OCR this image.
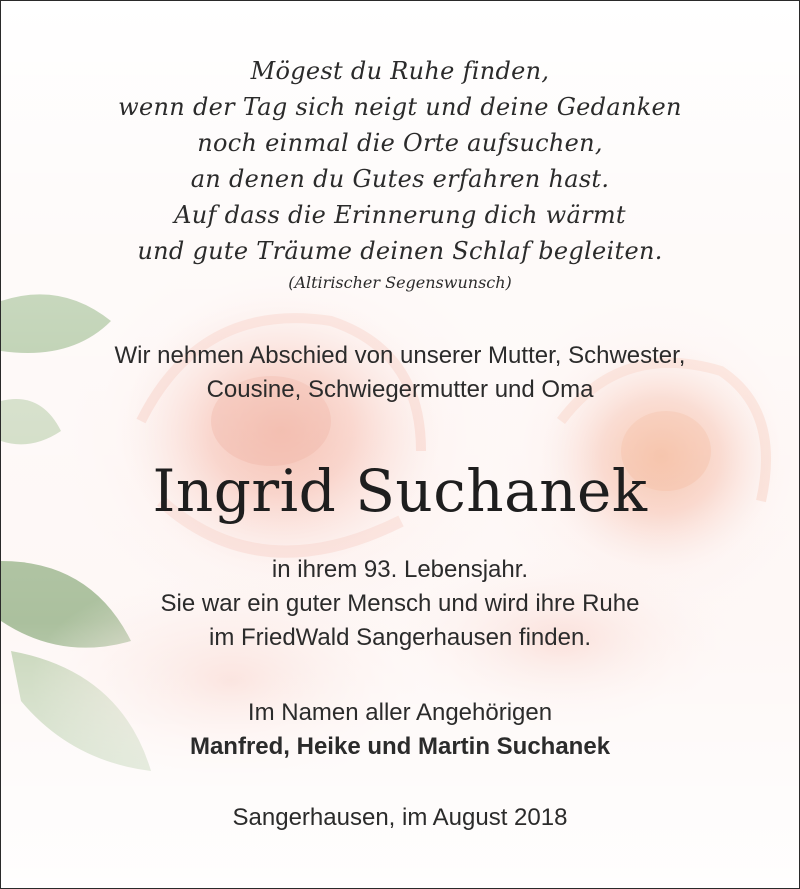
Mögest du Ruhe finden,
wenn der Tag sich neigt und deine Gedanken
noch einmal die Orte aufsuchen,
an denen du Gutes erfahren hast.
Auf dass die Erinnerung dich wärmt
und gute Träume deinen Schlaf begleiten.
(Altirischer Segenswunsch)
Wir nehmen Abschied von unserer Mutter, Schwester,
Cousine, Schwiegermutter und Oma
Ingrid Suchanek
in ihrem 93. Lebensjahr.
Sie war ein guter Mensch und wird ihre Ruhe
im FriedWald Sangerhausen finden.
Im Namen aller Angehörigen
Manfred, Heike und Martin Suchanek
Sangerhausen, im August 2018
